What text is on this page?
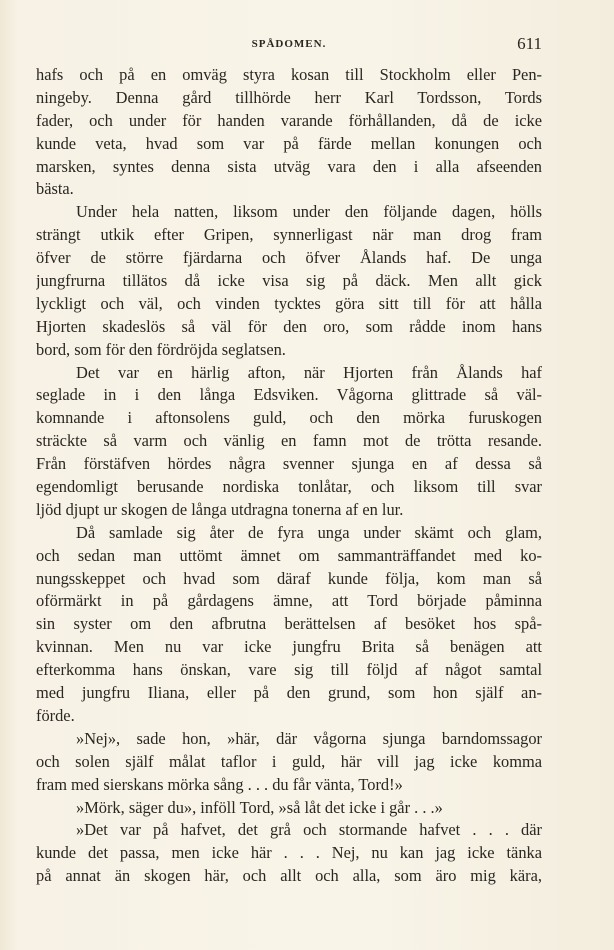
SPÅDOMEN.	611
hafs och på en omväg styra kosan till Stockholm eller Pen-
ningeby. Denna gård tillhörde herr Karl Tordsson, Tords
fader, och under för handen varande förhållanden, då de icke
kunde veta, hvad som var på färde mellan konungen och
marsken, syntes denna sista utväg vara den i alla afseenden
bästa.
Under hela natten, liksom under den följande dagen, hölls
strängt utkik efter Gripen, synnerligast när man drog fram
öfver de större fjärdarna och öfver Ålands haf. De unga
jungfrurna tillätos då icke visa sig på däck. Men allt gick
lyckligt och väl, och vinden tycktes göra sitt till för att hålla
Hjorten skadeslös så väl för den oro, som rådde inom hans
bord, som för den fördröjda seglatsen.
Det var en härlig afton, när Hjorten från Ålands haf
seglade in i den långa Edsviken. Vågorna glittrade så väl-
komnande i aftonsolens guld, och den mörka furuskogen
sträckte så varm och vänlig en famn mot de trötta resande.
Från förstäfven hördes några svenner sjunga en af dessa så
egendomligt berusande nordiska tonlåtar, och liksom till svar
ljöd djupt ur skogen de långa utdragna tonerna af en lur.
Då samlade sig åter de fyra unga under skämt och glam,
och sedan man uttömt ämnet om sammanträffandet med ko-
nungsskeppet och hvad som däraf kunde följa, kom man så
oförmärkt in på gårdagens ämne, att Tord började påminna
sin syster om den afbrutna berättelsen af besöket hos spå-
kvinnan. Men nu var icke jungfru Brita så benägen att
efterkomma hans önskan, vare sig till följd af något samtal
med jungfru Iliana, eller på den grund, som hon själf an-
förde.
»Nej», sade hon, »här, där vågorna sjunga barndomssagor
och solen själf målat taflor i guld, här vill jag icke komma
fram med sierskans mörka sång . . . du får vänta, Tord!»
»Mörk, säger du», inföll Tord, »så låt det icke i går . . .»
»Det var på hafvet, det grå och stormande hafvet . . . där
kunde det passa, men icke här . . . Nej, nu kan jag icke tänka
på annat än skogen här, och allt och alla, som äro mig kära,
